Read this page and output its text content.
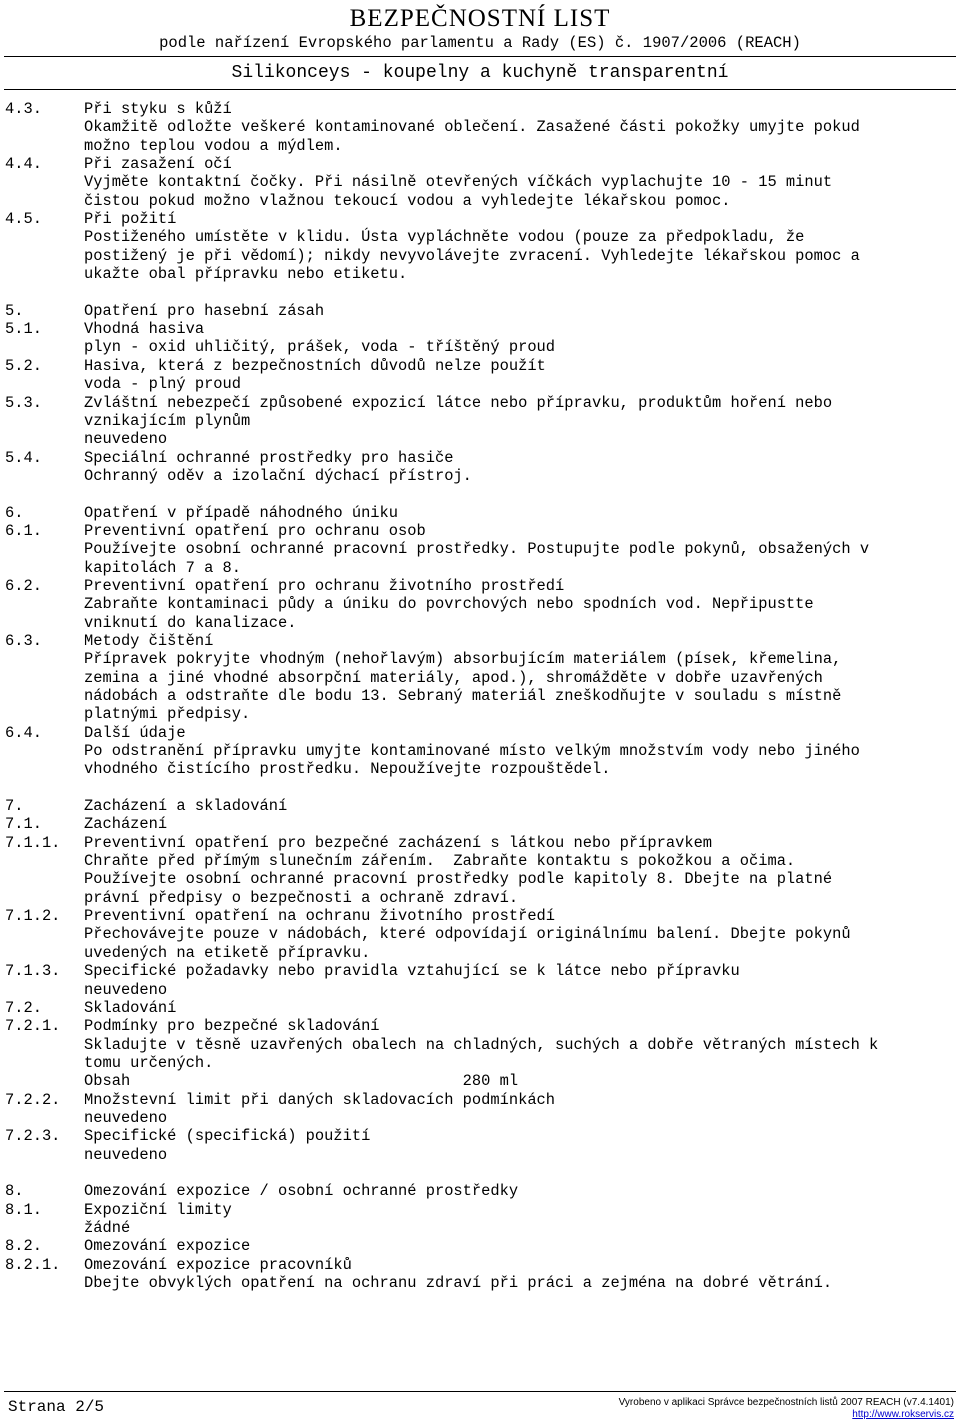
BEZPEČNOSTNÍ LIST
podle nařízení Evropského parlamentu a Rady (ES) č. 1907/2006 (REACH)
Silikonceys - koupelny a kuchyně transparentní
4.3.	Při styku s kůží
Okamžitě odložte veškeré kontaminované oblečení. Zasažené části pokožky umyjte pokud
možno teplou vodou a mýdlem.
4.4.	Při zasažení očí
Vyjměte kontaktní čočky. Při násilně otevřených víčkách vyplachujte 10 - 15 minut
čistou pokud možno vlažnou tekoucí vodou a vyhledejte lékařskou pomoc.
4.5.	Při požití
Postiženého umístěte v klidu. Ústa vypláchněte vodou (pouze za předpokladu, že
postižený je při vědomí); nikdy nevyvolávejte zvracení. Vyhledejte lékařskou pomoc a
ukažte obal přípravku nebo etiketu.

5.	Opatření pro hasební zásah
5.1.	Vhodná hasiva
plyn - oxid uhličitý, prášek, voda - tříštěný proud
5.2.	Hasiva, která z bezpečnostních důvodů nelze použít
voda - plný proud
5.3.	Zvláštní nebezpečí způsobené expozicí látce nebo přípravku, produktům hoření nebo
vznikajícím plynům
neuvedeno
5.4.	Speciální ochranné prostředky pro hasiče
Ochranný oděv a izolační dýchací přístroj.

6.	Opatření v případě náhodného úniku
6.1.	Preventivní opatření pro ochranu osob
Používejte osobní ochranné pracovní prostředky. Postupujte podle pokynů, obsažených v
kapitolách 7 a 8.
6.2.	Preventivní opatření pro ochranu životního prostředí
Zabraňte kontaminaci půdy a úniku do povrchových nebo spodních vod. Nepřipustte
vniknutí do kanalizace.
6.3.	Metody čištění
Přípravek pokryjte vhodným (nehořlavým) absorbujícím materiálem (písek, křemelina,
zemina a jiné vhodné absorpční materiály, apod.), shromážděte v dobře uzavřených
nádobách a odstraňte dle bodu 13. Sebraný materiál zneškodňujte v souladu s místně
platnými předpisy.
6.4.	Další údaje
Po odstranění přípravku umyjte kontaminované místo velkým množstvím vody nebo jiného
vhodného čistícího prostředku. Nepoužívejte rozpouštědel.

7.	Zacházení a skladování
7.1.	Zacházení
7.1.1. Preventivní opatření pro bezpečné zacházení s látkou nebo přípravkem
Chraňte před přímým slunečním zářením.  Zabraňte kontaktu s pokožkou a očima.
Používejte osobní ochranné pracovní prostředky podle kapitoly 8. Dbejte na platné
právní předpisy o bezpečnosti a ochraně zdraví.
7.1.2. Preventivní opatření na ochranu životního prostředí
Přechovávejte pouze v nádobách, které odpovídají originálnímu balení. Dbejte pokynů
uvedených na etiketě přípravku.
7.1.3. Specifické požadavky nebo pravidla vztahující se k látce nebo přípravku
neuvedeno
7.2.	Skladování
7.2.1. Podmínky pro bezpečné skladování
Skladujte v těsně uzavřených obalech na chladných, suchých a dobře větraných místech k
tomu určených.
Obsah                                    280 ml
7.2.2. Množstevní limit při daných skladovacích podmínkách
neuvedeno
7.2.3. Specifické (specifická) použití
neuvedeno

8.	Omezování expozice / osobní ochranné prostředky
8.1.	Expoziční limity
žádné
8.2.	Omezování expozice
8.2.1. Omezování expozice pracovníků
Dbejte obvyklých opatření na ochranu zdraví při práci a zejména na dobré větrání.
Strana 2/5	Vyrobeno v aplikaci Správce bezpečnostních listů 2007 REACH (v7.4.1401)
http://www.rokservis.cz
